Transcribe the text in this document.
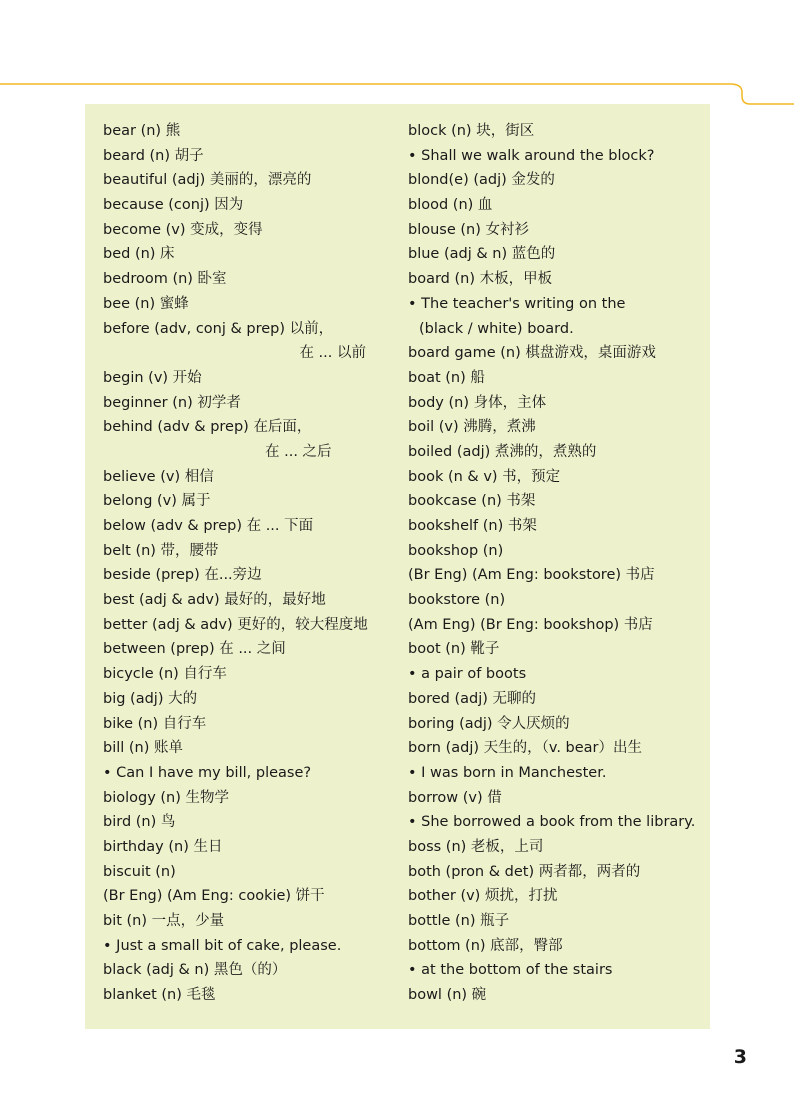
bear (n) 熊
beard (n) 胡子
beautiful (adj) 美丽的，漂亮的
because (conj) 因为
become (v) 变成，变得
bed (n) 床
bedroom (n) 卧室
bee (n) 蜜蜂
before (adv, conj & prep) 以前，
在 ... 以前
begin (v) 开始
beginner (n) 初学者
behind (adv & prep) 在后面，
在 ... 之后
believe (v) 相信
belong (v) 属于
below (adv & prep) 在 ... 下面
belt (n) 带，腰带
beside (prep) 在...旁边
best (adj & adv) 最好的，最好地
better (adj & adv) 更好的，较大程度地
between (prep) 在 ... 之间
bicycle (n) 自行车
big (adj) 大的
bike (n) 自行车
bill (n) 账单
• Can I have my bill, please?
biology (n) 生物学
bird (n) 鸟
birthday (n) 生日
biscuit (n)
(Br Eng) (Am Eng: cookie) 饼干
bit (n) 一点，少量
• Just a small bit of cake, please.
black (adj & n) 黑色（的）
blanket (n) 毛毯
block (n) 块，街区
• Shall we walk around the block?
blond(e) (adj) 金发的
blood (n) 血
blouse (n) 女衬衫
blue (adj & n) 蓝色的
board (n) 木板，甲板
• The teacher's writing on the
(black / white) board.
board game (n) 棋盘游戏，桌面游戏
boat (n) 船
body (n) 身体，主体
boil (v) 沸腾，煮沸
boiled (adj) 煮沸的，煮熟的
book (n & v) 书，预定
bookcase (n) 书架
bookshelf (n) 书架
bookshop (n)
(Br Eng) (Am Eng: bookstore) 书店
bookstore (n)
(Am Eng) (Br Eng: bookshop) 书店
boot (n) 靴子
• a pair of boots
bored (adj) 无聊的
boring (adj) 令人厌烦的
born (adj) 天生的，（v. bear）出生
• I was born in Manchester.
borrow (v) 借
• She borrowed a book from the library.
boss (n) 老板，上司
both (pron & det) 两者都，两者的
bother (v) 烦扰，打扰
bottle (n) 瓶子
bottom (n) 底部，臀部
• at the bottom of the stairs
bowl (n) 碗
3
